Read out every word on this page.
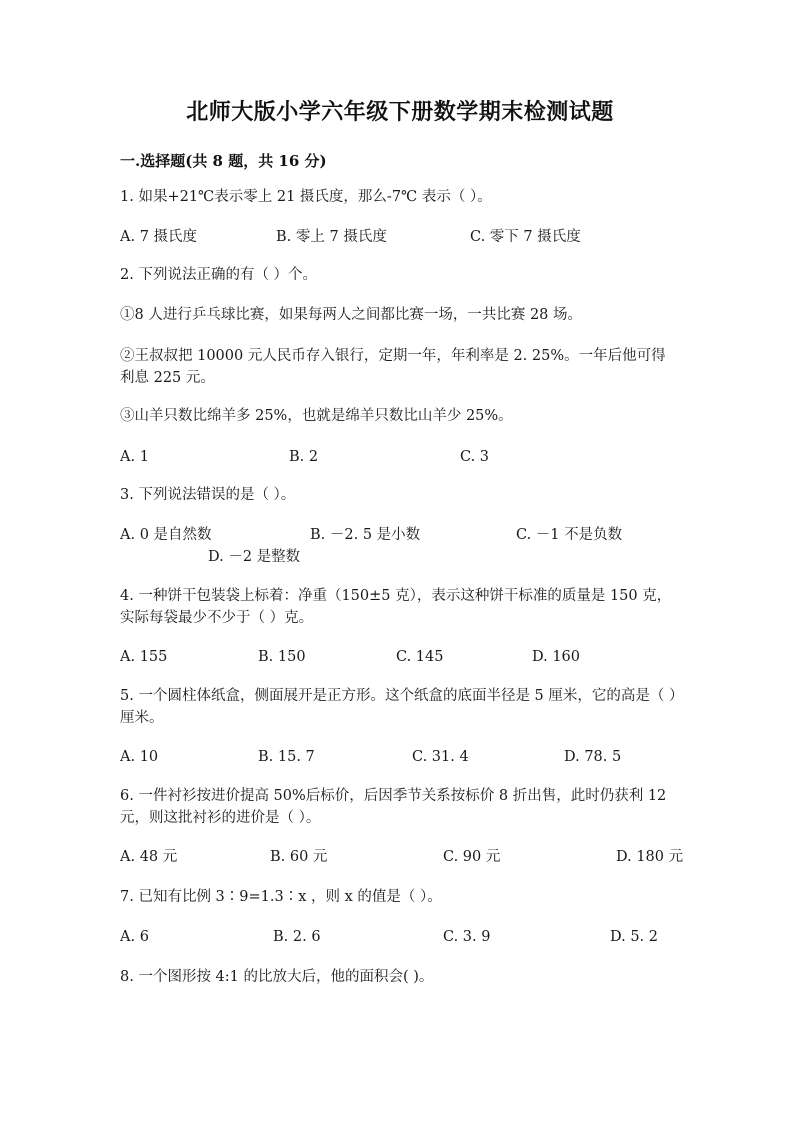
北师大版小学六年级下册数学期末检测试题
一.选择题(共 8 题，共 16 分)
1. 如果+21℃表示零上 21 摄氏度，那么-7℃ 表示（ ）。
A. 7 摄氏度	B. 零上 7 摄氏度	C. 零下 7 摄氏度
2. 下列说法正确的有（ ）个。
①8 人进行乒乓球比赛，如果每两人之间都比赛一场，一共比赛 28 场。
②王叔叔把 10000 元人民币存入银行，定期一年，年利率是 2. 25%。一年后他可得利息 225 元。
③山羊只数比绵羊多 25%，也就是绵羊只数比山羊少 25%。
A. 1	B. 2	C. 3
3. 下列说法错误的是（ ）。
A. 0 是自然数	B. －2. 5 是小数	C. －1 不是负数
D. －2 是整数
4. 一种饼干包装袋上标着：净重（150±5 克），表示这种饼干标准的质量是 150 克，实际每袋最少不少于（ ）克。
A. 155	B. 150	C. 145	D. 160
5. 一个圆柱体纸盒，侧面展开是正方形。这个纸盒的底面半径是 5 厘米，它的高是（ ）厘米。
A. 10	B. 15. 7	C. 31. 4	D. 78. 5
6. 一件衬衫按进价提高 50%后标价，后因季节关系按标价 8 折出售，此时仍获利 12 元，则这批衬衫的进价是（ ）。
A. 48 元	B. 60 元	C. 90 元	D. 180 元
7. 已知有比例 3∶9=1.3∶x ，则 x 的值是（ ）。
A. 6	B. 2. 6	C. 3. 9	D. 5. 2
8. 一个图形按 4:1 的比放大后，他的面积会( )。
